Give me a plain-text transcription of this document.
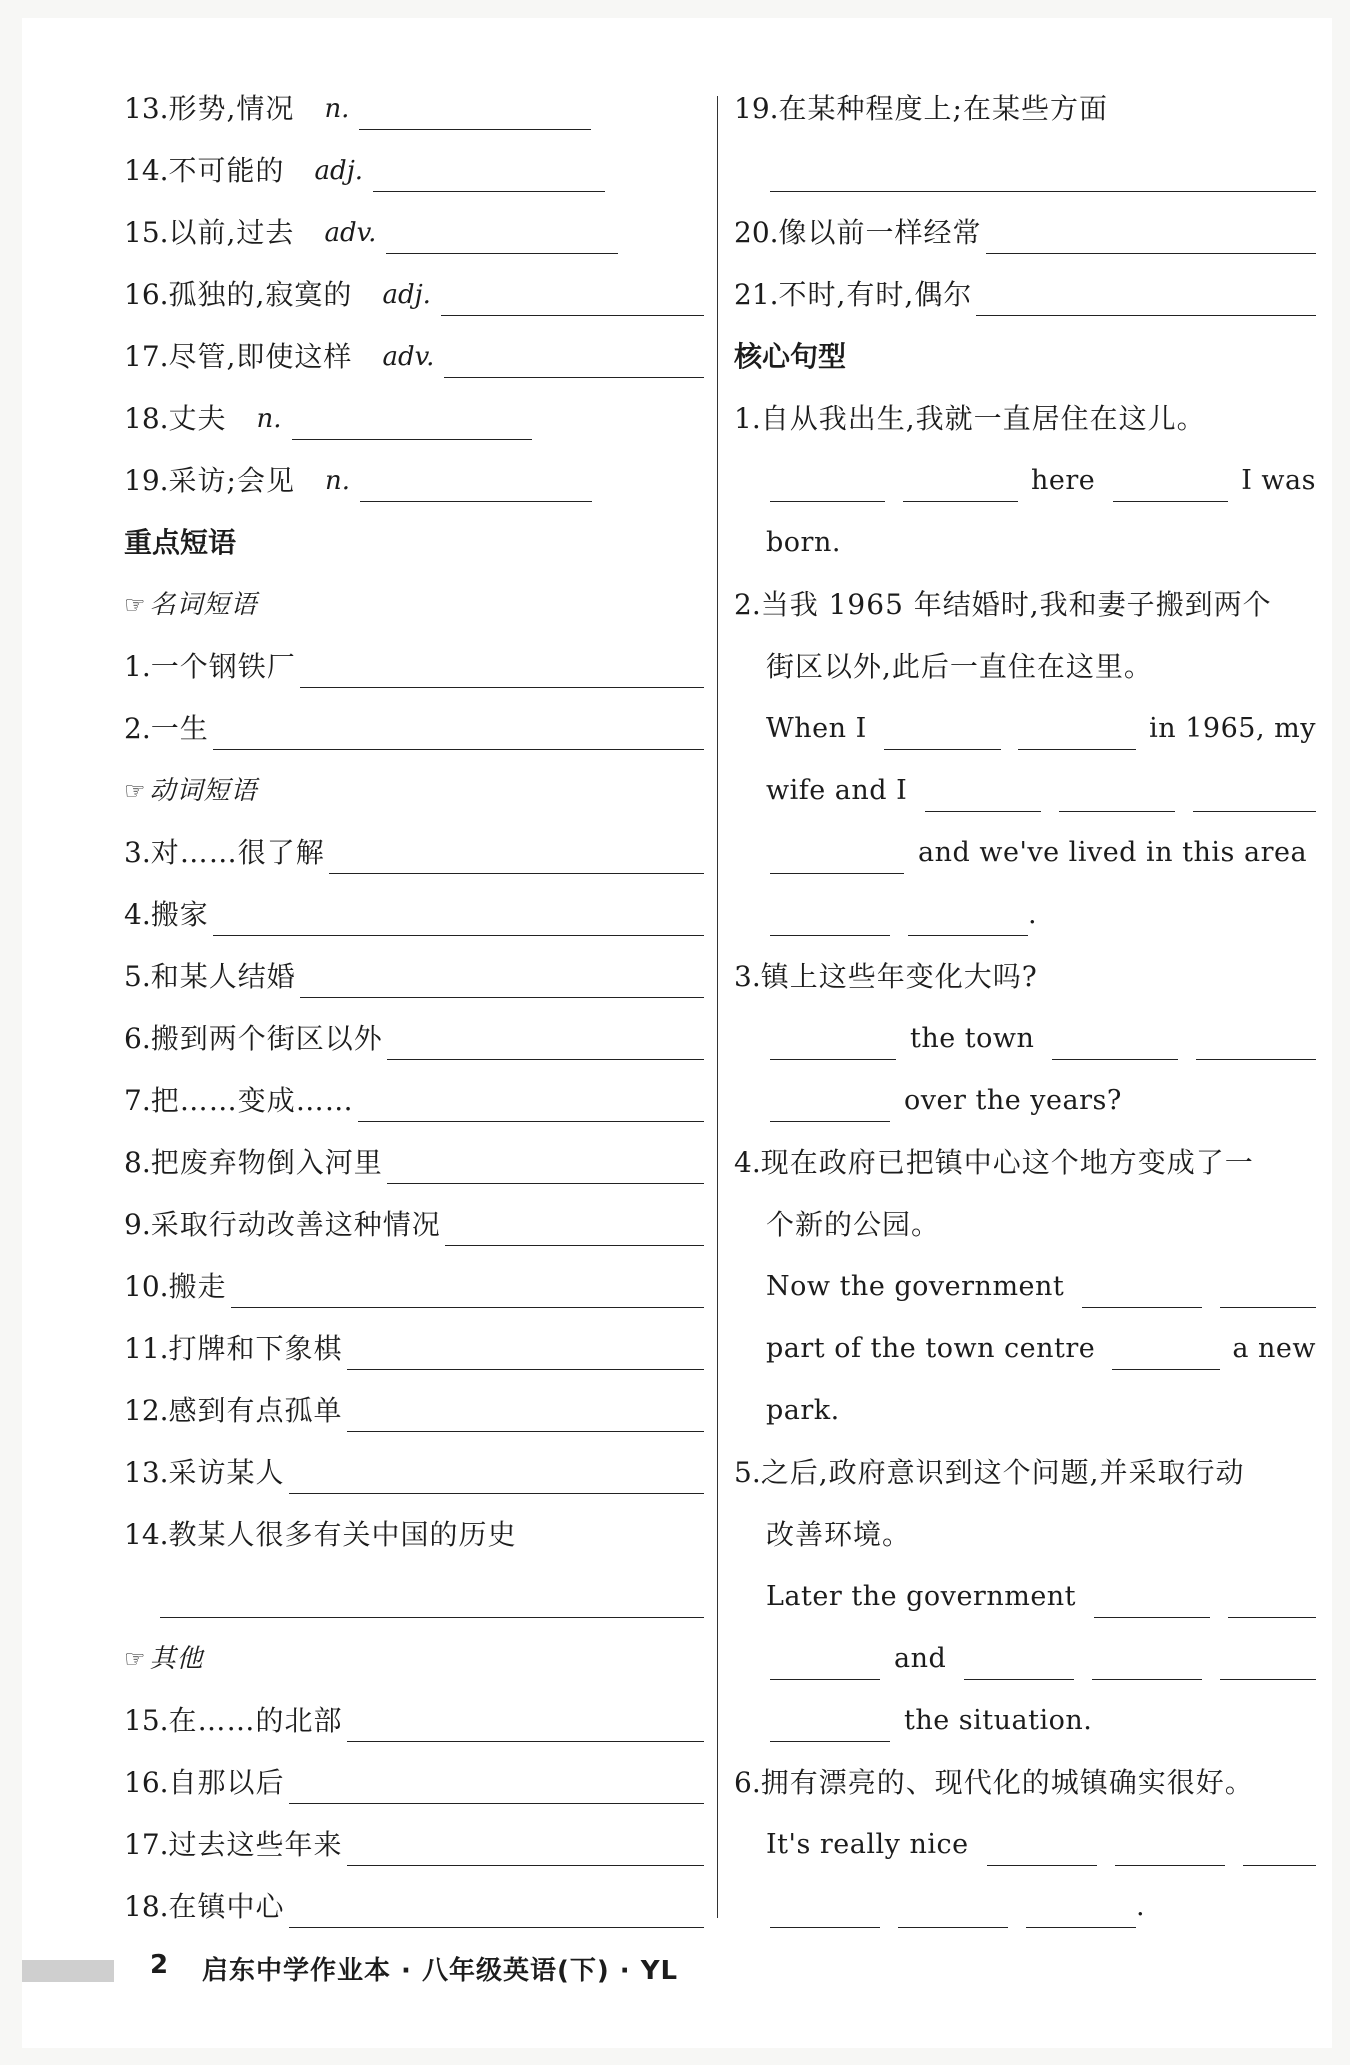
13. 形势,情况 n.
14. 不可能的 adj.
15. 以前,过去 adv.
16. 孤独的,寂寞的 adj.
17. 尽管,即使这样 adv.
18. 丈夫 n.
19. 采访;会见 n.
重点短语
☞ 名词短语
1. 一个钢铁厂
2. 一生
☞ 动词短语
3. 对……很了解
4. 搬家
5. 和某人结婚
6. 搬到两个街区以外
7. 把……变成……
8. 把废弃物倒入河里
9. 采取行动改善这种情况
10. 搬走
11. 打牌和下象棋
12. 感到有点孤单
13. 采访某人
14. 教某人很多有关中国的历史
☞ 其他
15. 在……的北部
16. 自那以后
17. 过去这些年来
18. 在镇中心
19. 在某种程度上;在某些方面
20. 像以前一样经常
21. 不时,有时,偶尔
核心句型
1. 自从我出生,我就一直居住在这儿。
here	I was
born.
2. 当我 1965 年结婚时,我和妻子搬到两个
街区以外,此后一直住在这里。
When I	in 1965, my
wife and I
and we've lived in this area
.
3. 镇上这些年变化大吗?
the town
over the years?
4. 现在政府已把镇中心这个地方变成了一
个新的公园。
Now the government
part of the town centre	a new
park.
5. 之后,政府意识到这个问题,并采取行动
改善环境。
Later the government
and
the situation.
6. 拥有漂亮的、现代化的城镇确实很好。
It's really nice
.
2 启东中学作业本 · 八年级英语(下) · YL
